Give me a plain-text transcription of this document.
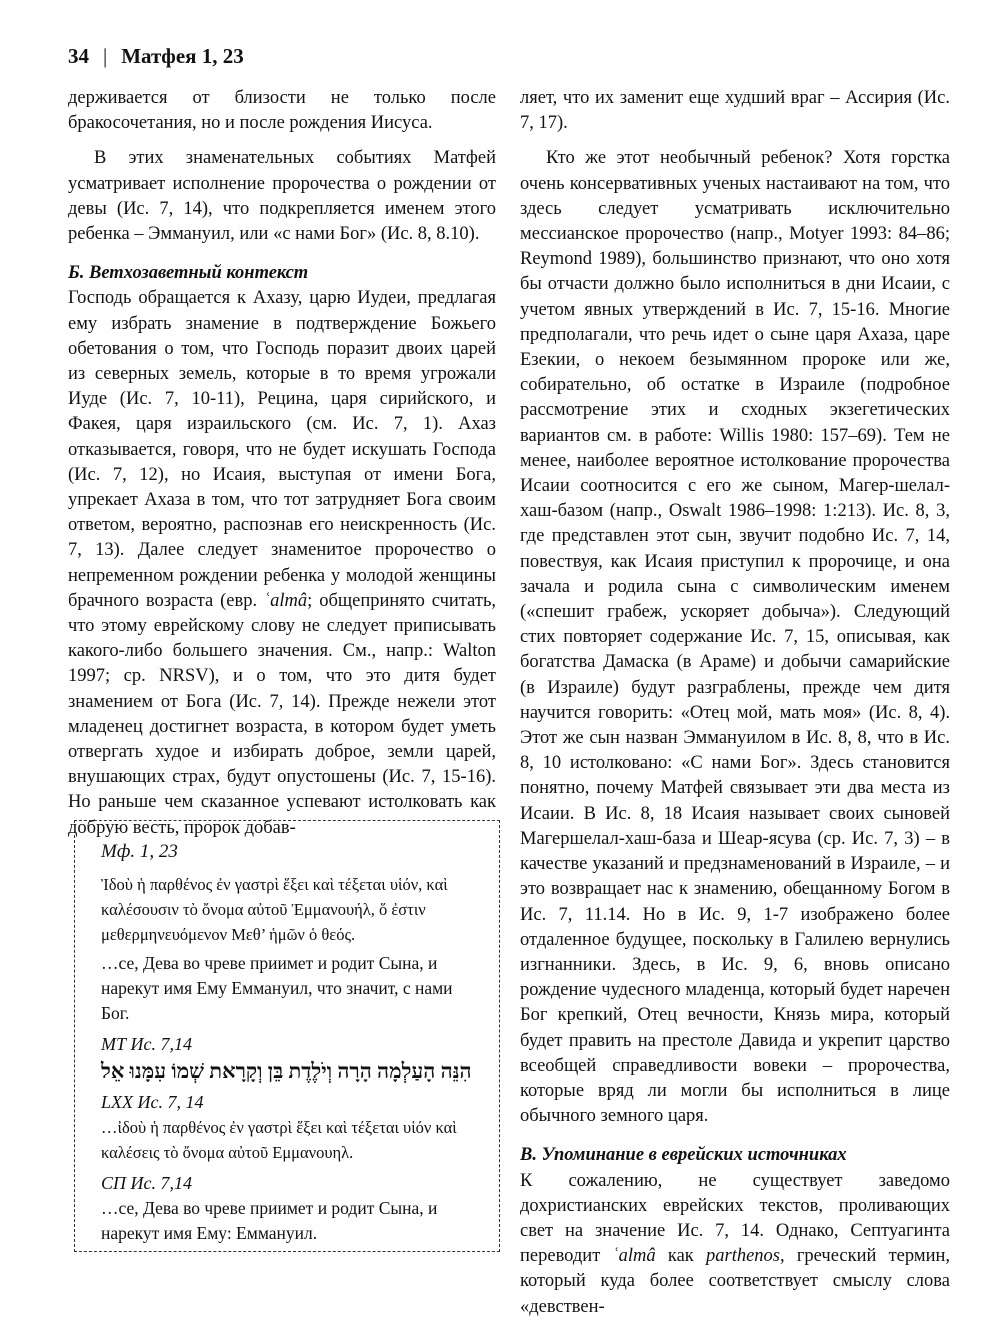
34 | Матфея 1, 23

держивается от близости не только после бракосочетания, но и после рождения Иисуса.

В этих знаменательных событиях Матфей усматривает исполнение пророчества о рождении от девы (Ис. 7, 14), что подкрепляется именем этого ребенка – Эммануил, или «с нами Бог» (Ис. 8, 8.10).

Б. Ветхозаветный контекст

Господь обращается к Ахазу, царю Иудеи, предлагая ему избрать знамение в подтверждение Божьего обетования о том, что Господь поразит двоих царей из северных земель, которые в то время угрожали Иуде (Ис. 7, 10-11), Рецина, царя сирийского, и Факея, царя израильского (см. Ис. 7, 1). Ахаз отказывается, говоря, что не будет искушать Господа (Ис. 7, 12), но Исаия, выступая от имени Бога, упрекает Ахаза в том, что тот затрудняет Бога своим ответом, вероятно, распознав его неискренность (Ис. 7, 13). Далее следует знаменитое пророчество о непременном рождении ребенка у молодой женщины брачного возраста (евр. ʿalmâ; общепринято считать, что этому еврейскому слову не следует приписывать какого-либо большего значения. См., напр.: Walton 1997; ср. NRSV), и о том, что это дитя будет знамением от Бога (Ис. 7, 14). Прежде нежели этот младенец достигнет возраста, в котором будет уметь отвергать худое и избирать доброе, земли царей, внушающих страх, будут опустошены (Ис. 7, 15-16). Но раньше чем сказанное успевают истолковать как добрую весть, пророк добав-

Мф. 1, 23

Ἰδοὺ ἡ παρθένος ἐν γαστρὶ ἕξει καὶ τέξεται υἱόν, καὶ καλέσουσιν τὸ ὄνομα αὐτοῦ Ἐμμανουήλ, ὅ ἐστιν μεθερμηνευόμενον Μεθ’ ἡμῶν ὁ θεός.

…се, Дева во чреве приимет и родит Сына, и нарекут имя Ему Еммануил, что значит, с нами Бог.

МТ Ис. 7,14

הִנֵּה הָעַלְמָה הָרָה וְיֹלֶדֶת בֵּן וְקָרָאת שְׁמוֹ עִמָּנוּ אֵל

LXX Ис. 7, 14

…ἰδοὺ ἡ παρθένος ἐν γαστρὶ ἕξει καὶ τέξεται υἱόν καὶ καλέσεις τὸ ὄνομα αὐτοῦ Εμμανουηλ.

СП Ис. 7,14

…се, Дева во чреве приимет и родит Сына, и нарекут имя Ему: Еммануил.

ляет, что их заменит еще худший враг – Ассирия (Ис. 7, 17).

Кто же этот необычный ребенок? Хотя горстка очень консервативных ученых настаивают на том, что здесь следует усматривать исключительно мессианское пророчество (напр., Motyer 1993: 84–86; Reymond 1989), большинство признают, что оно хотя бы отчасти должно было исполниться в дни Исаии, с учетом явных утверждений в Ис. 7, 15-16. Многие предполагали, что речь идет о сыне царя Ахаза, царе Езекии, о некоем безымянном пророке или же, собирательно, об остатке в Израиле (подробное рассмотрение этих и сходных экзегетических вариантов см. в работе: Willis 1980: 157–69). Тем не менее, наиболее вероятное истолкование пророчества Исаии соотносится с его же сыном, Магер-шелал-хаш-базом (напр., Oswalt 1986–1998: 1:213). Ис. 8, 3, где представлен этот сын, звучит подобно Ис. 7, 14, повествуя, как Исаия приступил к пророчице, и она зачала и родила сына с символическим именем («спешит грабеж, ускоряет добыча»). Следующий стих повторяет содержание Ис. 7, 15, описывая, как богатства Дамаска (в Араме) и добычи самарийские (в Израиле) будут разграблены, прежде чем дитя научится говорить: «Отец мой, мать моя» (Ис. 8, 4). Этот же сын назван Эммануилом в Ис. 8, 8, что в Ис. 8, 10 истолковано: «С нами Бог». Здесь становится понятно, почему Матфей связывает эти два места из Исаии. В Ис. 8, 18 Исаия называет своих сыновей Магершелал-хаш-база и Шеар-ясува (ср. Ис. 7, 3) – в качестве указаний и предзнаменований в Израиле, – и это возвращает нас к знамению, обещанному Богом в Ис. 7, 11.14. Но в Ис. 9, 1-7 изображено более отдаленное будущее, поскольку в Галилею вернулись изгнанники. Здесь, в Ис. 9, 6, вновь описано рождение чудесного младенца, который будет наречен Бог крепкий, Отец вечности, Князь мира, который будет править на престоле Давида и укрепит царство всеобщей справедливости вовеки – пророчества, которые вряд ли могли бы исполниться в лице обычного земного царя.

В. Упоминание в еврейских источниках

К сожалению, не существует заведомо дохристианских еврейских текстов, проливающих свет на значение Ис. 7, 14. Однако, Септуагинта переводит ʿalmâ как parthenos, греческий термин, который куда более соответствует смыслу слова «девствен-
